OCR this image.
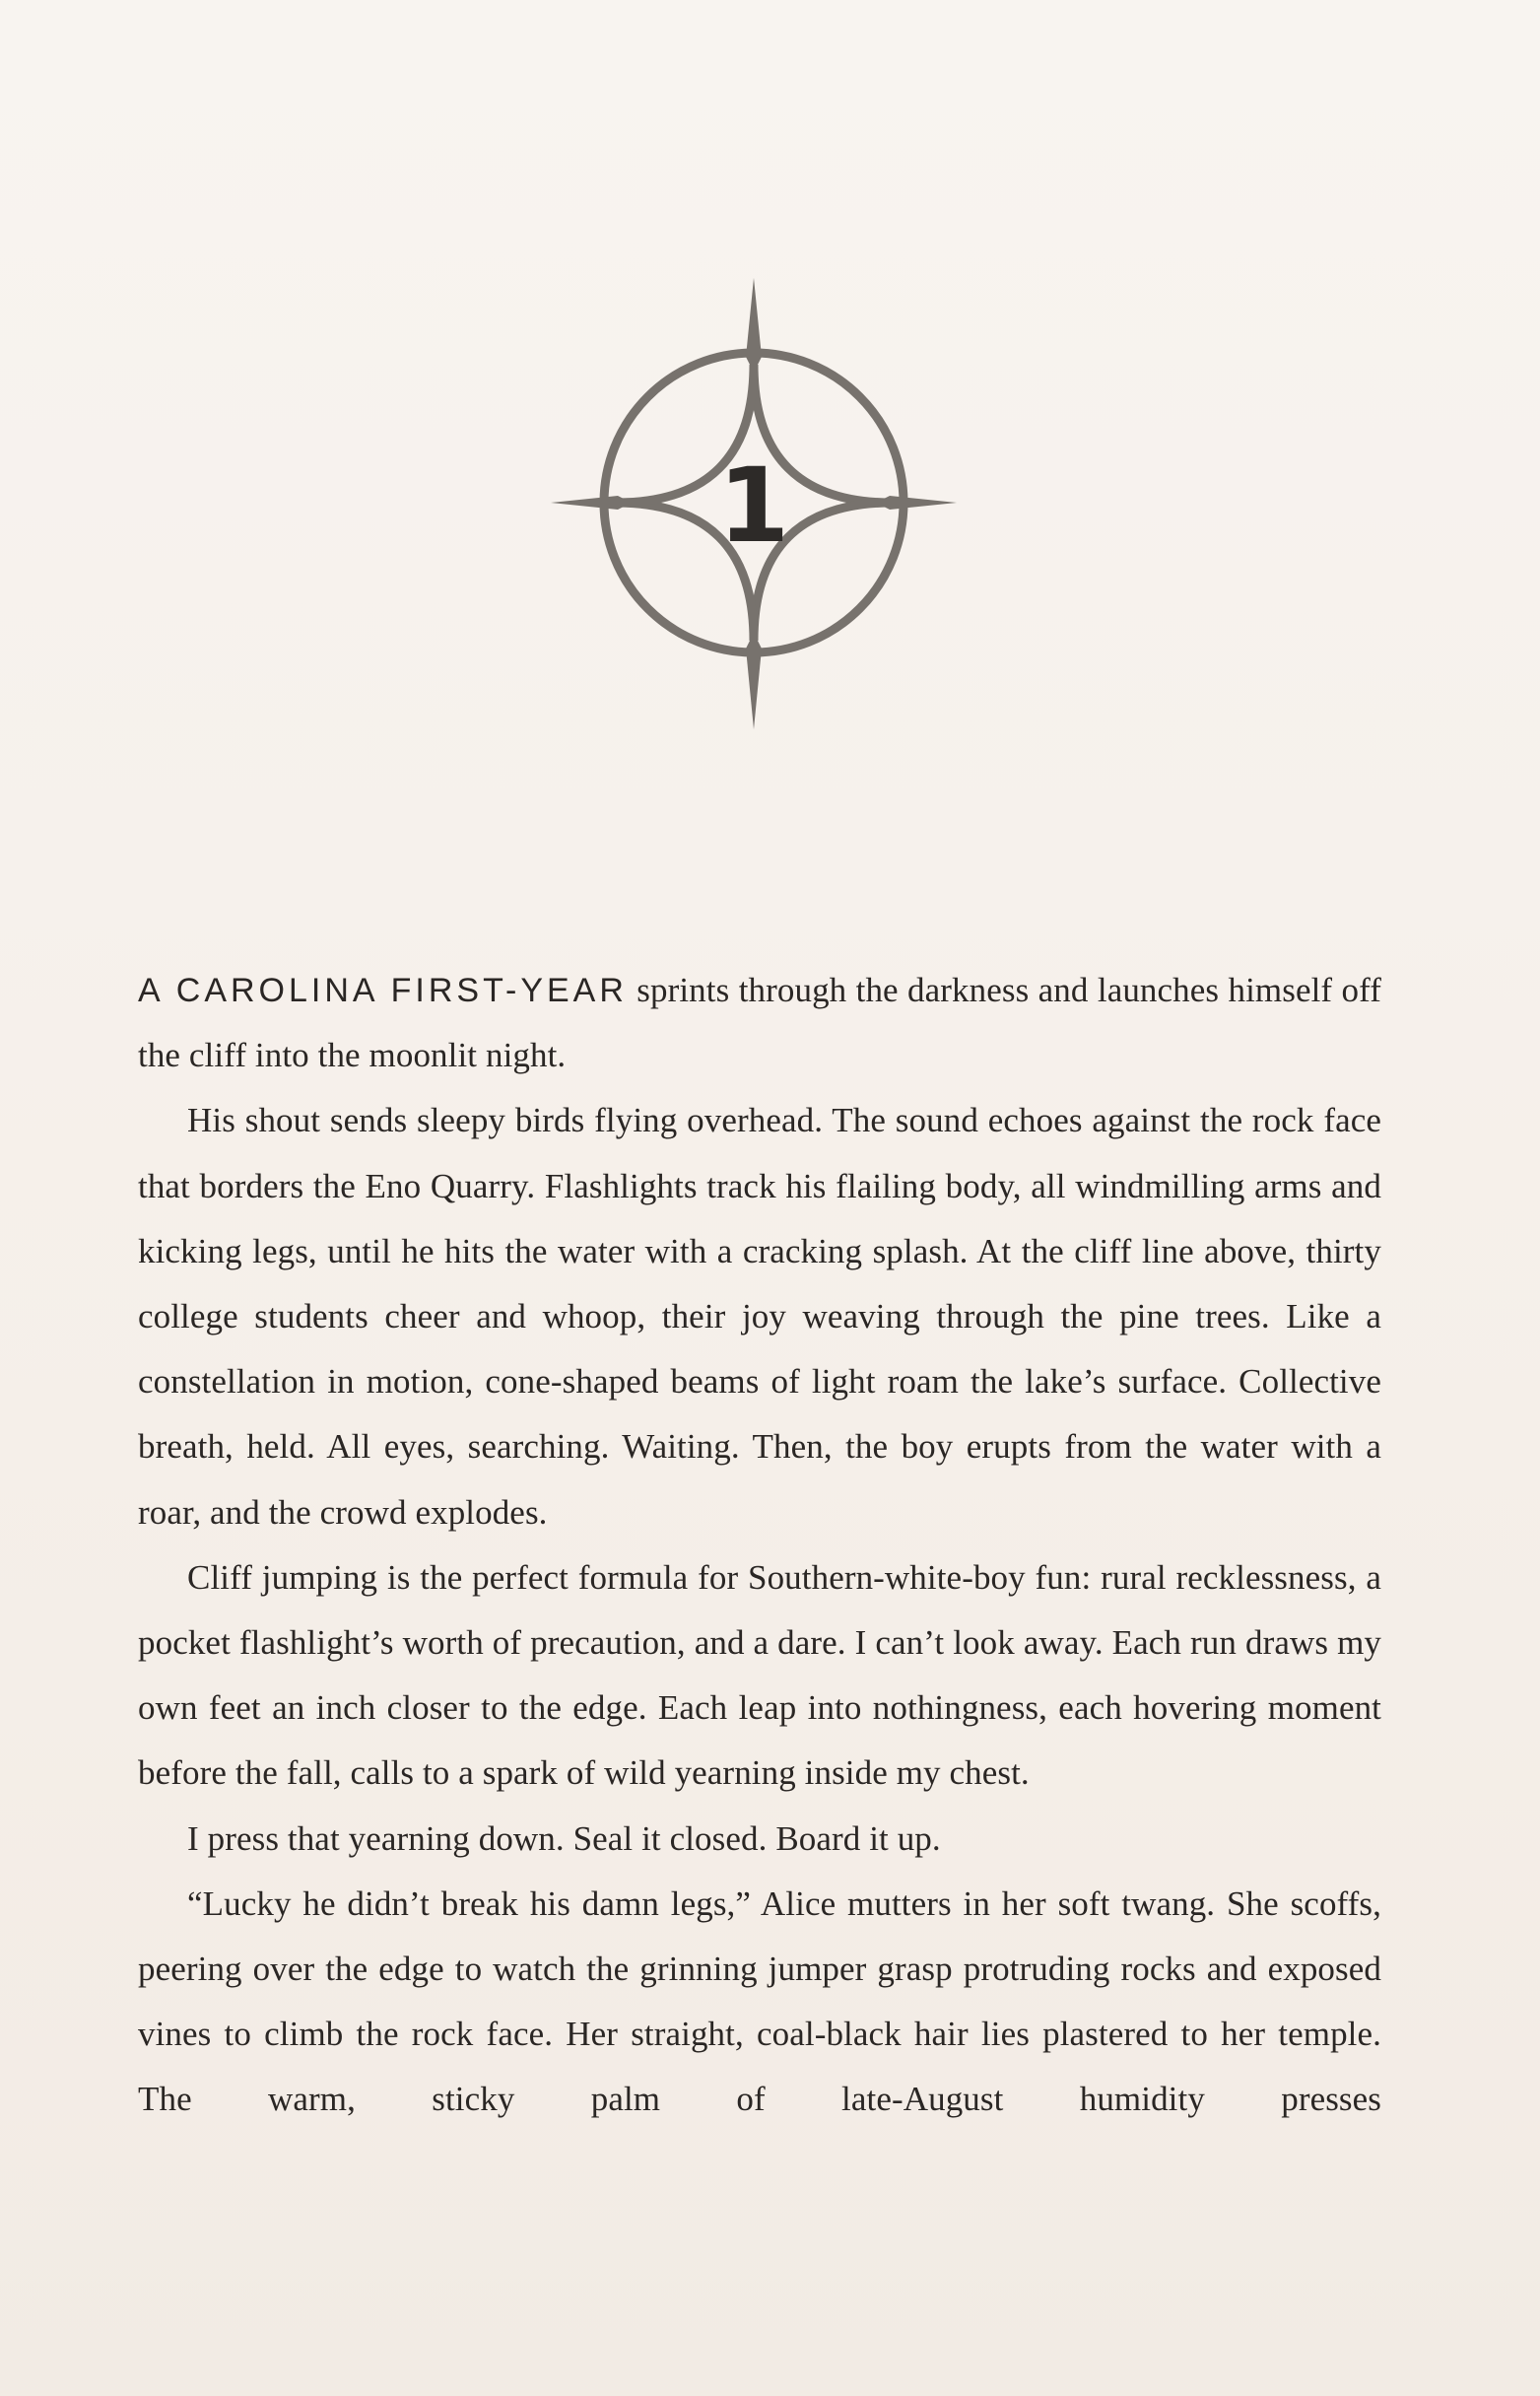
1

A CAROLINA FIRST-YEAR sprints through the darkness and launches himself off the cliff into the moonlit night.

His shout sends sleepy birds flying overhead. The sound echoes against the rock face that borders the Eno Quarry. Flashlights track his flailing body, all windmilling arms and kicking legs, until he hits the water with a cracking splash. At the cliff line above, thirty college students cheer and whoop, their joy weaving through the pine trees. Like a constellation in motion, cone-shaped beams of light roam the lake’s surface. Collective breath, held. All eyes, searching. Waiting. Then, the boy erupts from the water with a roar, and the crowd explodes.

Cliff jumping is the perfect formula for Southern-white-boy fun: rural recklessness, a pocket flashlight’s worth of precaution, and a dare. I can’t look away. Each run draws my own feet an inch closer to the edge. Each leap into nothingness, each hovering moment before the fall, calls to a spark of wild yearning inside my chest.

I press that yearning down. Seal it closed. Board it up.

“Lucky he didn’t break his damn legs,” Alice mutters in her soft twang. She scoffs, peering over the edge to watch the grinning jumper grasp protruding rocks and exposed vines to climb the rock face. Her straight, coal-black hair lies plastered to her temple. The warm, sticky palm of late-August humidity presses
